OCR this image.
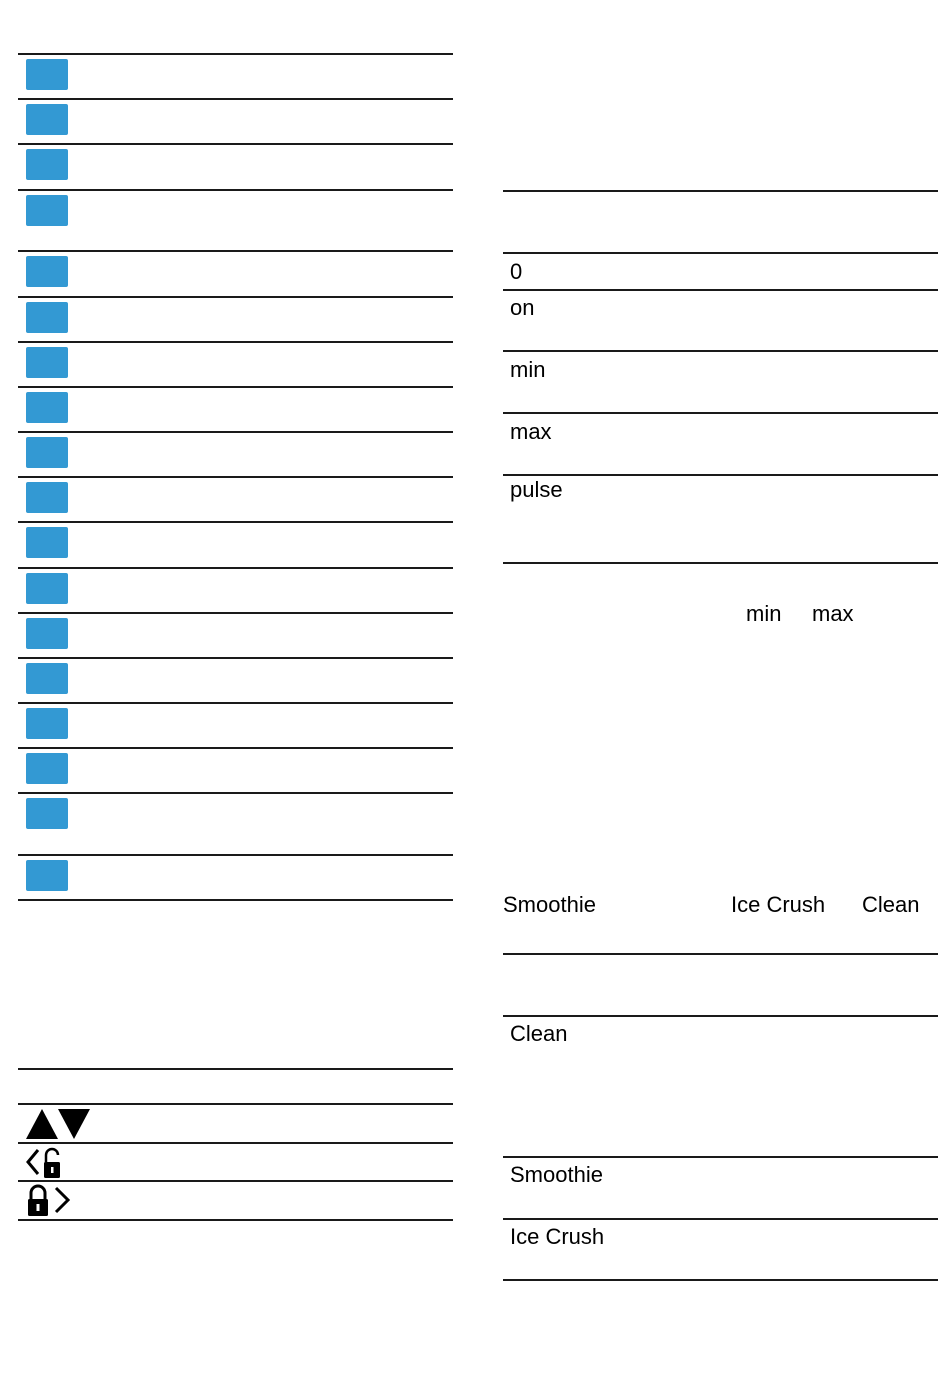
0
on
min
max
pulse
min max
Smoothie	Ice Crush Clean
Clean
Smoothie
Ice Crush
